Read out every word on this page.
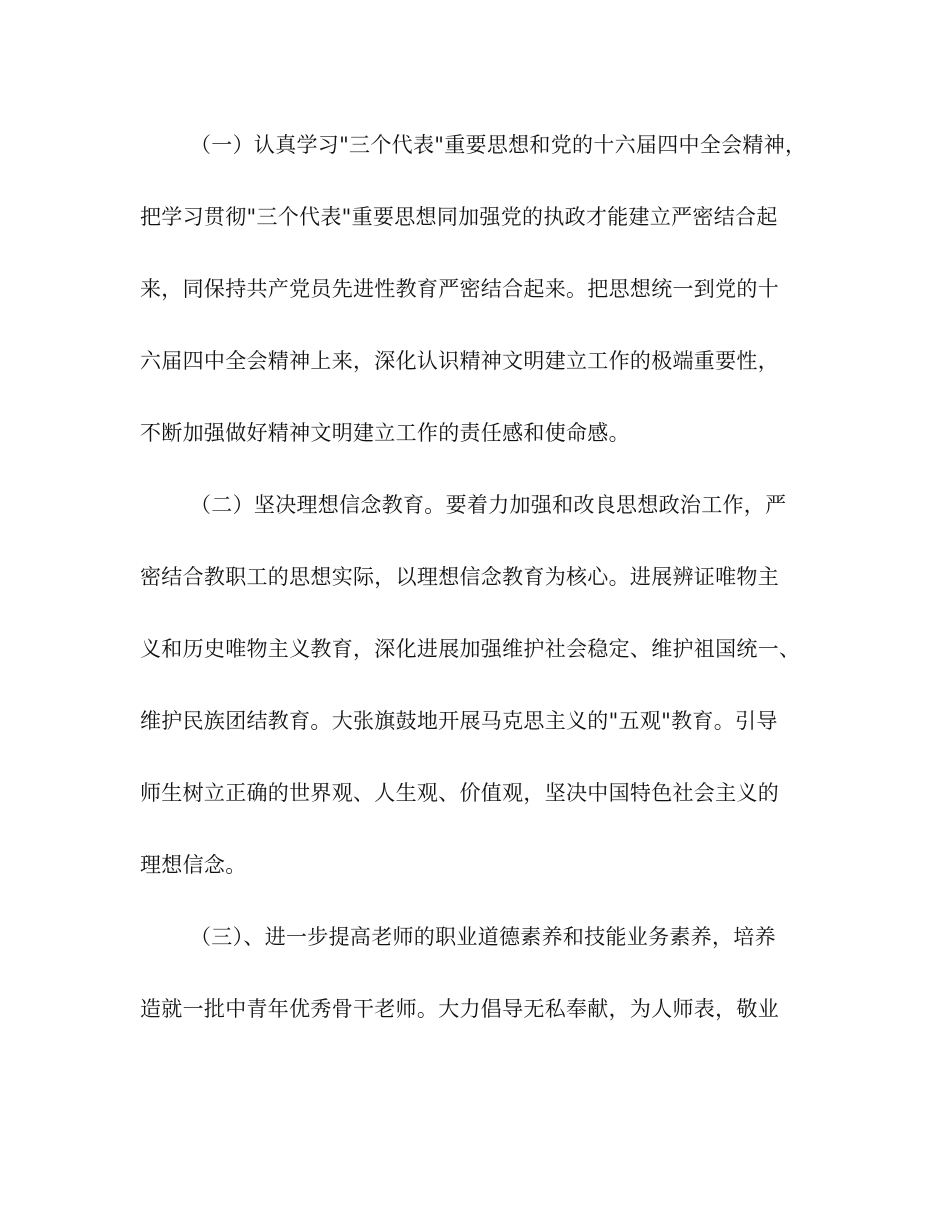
（一）认真学习"三个代表"重要思想和党的十六届四中全会精神，
把学习贯彻"三个代表"重要思想同加强党的执政才能建立严密结合起
来，同保持共产党员先进性教育严密结合起来。把思想统一到党的十
六届四中全会精神上来，深化认识精神文明建立工作的极端重要性，
不断加强做好精神文明建立工作的责任感和使命感。
（二）坚决理想信念教育。要着力加强和改良思想政治工作，严
密结合教职工的思想实际，以理想信念教育为核心。进展辨证唯物主
义和历史唯物主义教育，深化进展加强维护社会稳定、维护祖国统一、
维护民族团结教育。大张旗鼓地开展马克思主义的"五观"教育。引导
师生树立正确的世界观、人生观、价值观，坚决中国特色社会主义的
理想信念。
（三）、进一步提高老师的职业道德素养和技能业务素养，培养
造就一批中青年优秀骨干老师。大力倡导无私奉献，为人师表，敬业
